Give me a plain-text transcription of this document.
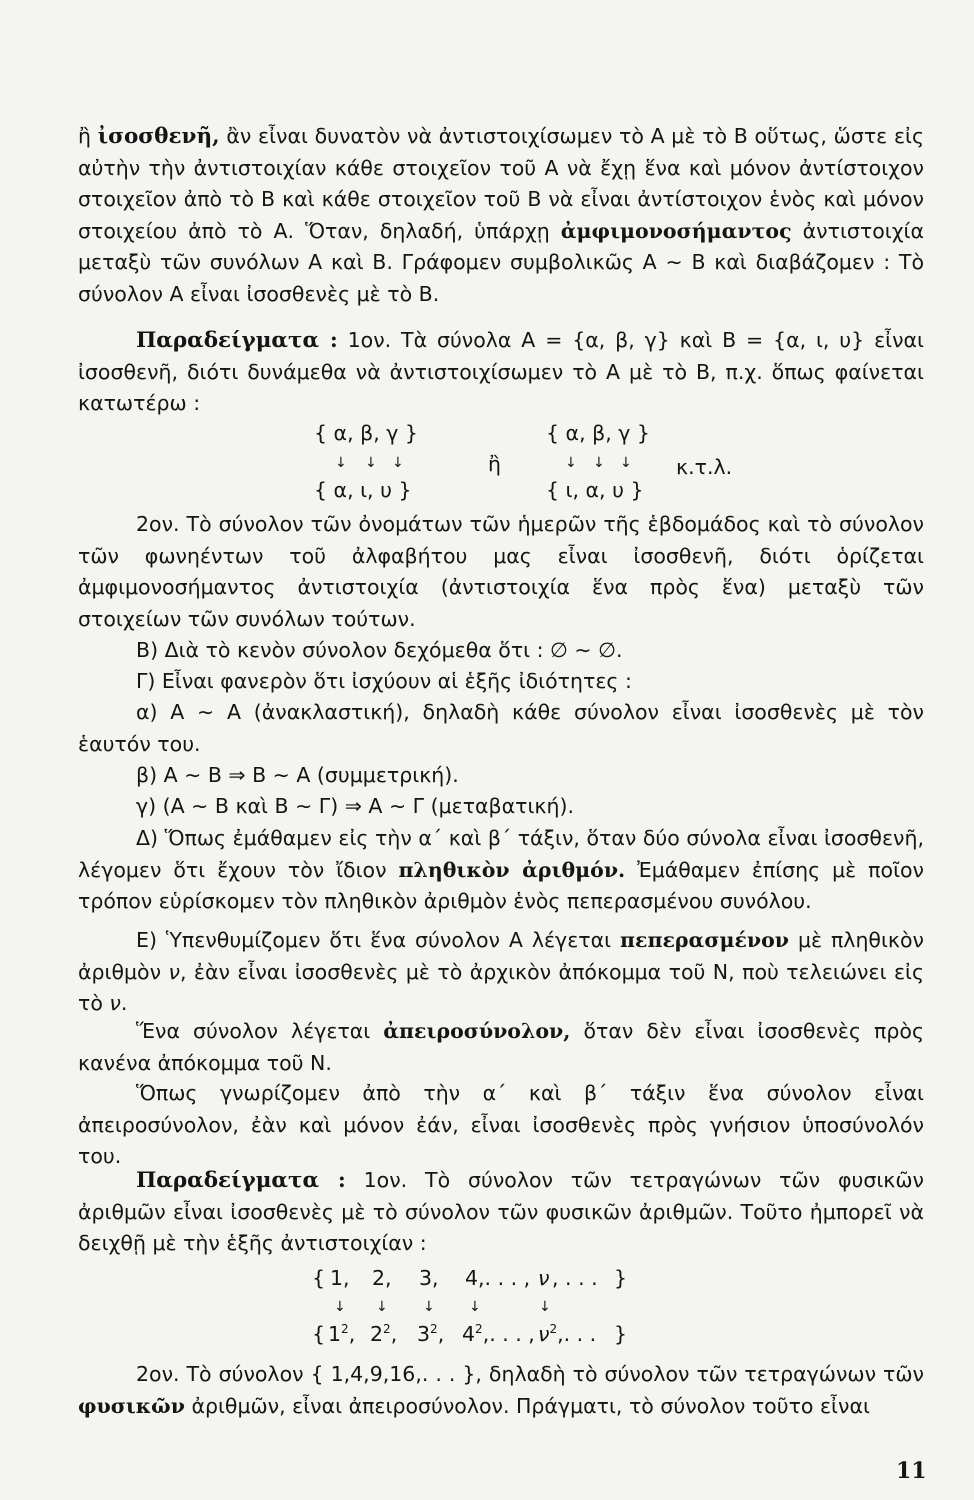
ἢ ἰσοσθενῆ, ἂν εἶναι δυνατὸν νὰ ἀντιστοιχίσωμεν τὸ Α μὲ τὸ Β οὕτως, ὥστε εἰς αὐτὴν τὴν ἀντιστοιχίαν κάθε στοιχεῖον τοῦ Α νὰ ἔχῃ ἕνα καὶ μόνον ἀντίστοιχον στοιχεῖον ἀπὸ τὸ Β καὶ κάθε στοιχεῖον τοῦ Β νὰ εἶναι ἀντίστοιχον ἑνὸς καὶ μόνον στοιχείου ἀπὸ τὸ Α. Ὅταν, δηλαδή, ὑπάρχῃ ἀμφιμονοσήμαντος ἀντιστοιχία μεταξὺ τῶν συνόλων Α καὶ Β. Γράφομεν συμβολικῶς Α ∼ Β καὶ διαβάζομεν : Τὸ σύνολον Α εἶναι ἰσοσθενὲς μὲ τὸ Β.
Παραδείγματα : 1ον. Τὰ σύνολα Α = {α, β, γ} καὶ Β = {α, ι, υ} εἶναι ἰσοσθενῆ, διότι δυνάμεθα νὰ ἀντιστοιχίσωμεν τὸ Α μὲ τὸ Β, π.χ. ὅπως φαίνεται κατωτέρω :
{ α, β, γ }
↓ ↓ ↓
{ α, ι, υ }
ἢ
{ α, β, γ }
↓ ↓ ↓
{ ι, α, υ }
κ.τ.λ.
2ον. Τὸ σύνολον τῶν ὀνομάτων τῶν ἡμερῶν τῆς ἑβδομάδος καὶ τὸ σύνολον τῶν φωνηέντων τοῦ ἀλφαβήτου μας εἶναι ἰσοσθενῆ, διότι ὁρίζεται ἀμφιμονοσήμαντος ἀντιστοιχία (ἀντιστοιχία ἕνα πρὸς ἕνα) μεταξὺ τῶν στοιχείων τῶν συνόλων τούτων.
Β) Διὰ τὸ κενὸν σύνολον δεχόμεθα ὅτι : ∅ ∼ ∅.
Γ) Εἶναι φανερὸν ὅτι ἰσχύουν αἱ ἑξῆς ἰδιότητες :
α) Α ∼ Α (ἀνακλαστική), δηλαδὴ κάθε σύνολον εἶναι ἰσοσθενὲς μὲ τὸν ἑαυτόν του.
β) Α ∼ Β ⇒ Β ∼ Α (συμμετρική).
γ) (Α ∼ Β καὶ Β ∼ Γ) ⇒ Α ∼ Γ (μεταβατική).
Δ) Ὅπως ἐμάθαμεν εἰς τὴν α΄ καὶ β΄ τάξιν, ὅταν δύο σύνολα εἶναι ἰσοσθενῆ, λέγομεν ὅτι ἔχουν τὸν ἴδιον πληθικὸν ἀριθμόν. Ἐμάθαμεν ἐπίσης μὲ ποῖον τρόπον εὑρίσκομεν τὸν πληθικὸν ἀριθμὸν ἑνὸς πεπερασμένου συνόλου.
Ε) Ὑπενθυμίζομεν ὅτι ἕνα σύνολον Α λέγεται πεπερασμένον μὲ πληθικὸν ἀριθμὸν ν, ἐὰν εἶναι ἰσοσθενὲς μὲ τὸ ἀρχικὸν ἀπόκομμα τοῦ Ν, ποὺ τελειώνει εἰς τὸ ν.
Ἕνα σύνολον λέγεται ἀπειροσύνολον, ὅταν δὲν εἶναι ἰσοσθενὲς πρὸς κανένα ἀπόκομμα τοῦ Ν.
Ὅπως γνωρίζομεν ἀπὸ τὴν α΄ καὶ β΄ τάξιν ἕνα σύνολον εἶναι ἀπειροσύνολον, ἐὰν καὶ μόνον ἐάν, εἶναι ἰσοσθενὲς πρὸς γνήσιον ὑποσύνολόν του.
Παραδείγματα : 1ον. Τὸ σύνολον τῶν τετραγώνων τῶν φυσικῶν ἀριθμῶν εἶναι ἰσοσθενὲς μὲ τὸ σύνολον τῶν φυσικῶν ἀριθμῶν. Τοῦτο ἠμπορεῖ νὰ δειχθῇ μὲ τὴν ἑξῆς ἀντιστοιχίαν :
{ 1, 2, 3, 4,. . . , ν , . . . }
↓ ↓	↓ ↓	↓
{ $1^2$, $2^2$, $3^2$, $4^2$,. . . , $\nu^2$,. . . }
2ον. Τὸ σύνολον { 1,4,9,16,. . . }, δηλαδὴ τὸ σύνολον τῶν τετραγώνων τῶν φυσικῶν ἀριθμῶν, εἶναι ἀπειροσύνολον. Πράγματι, τὸ σύνολον τοῦτο εἶναι
11
